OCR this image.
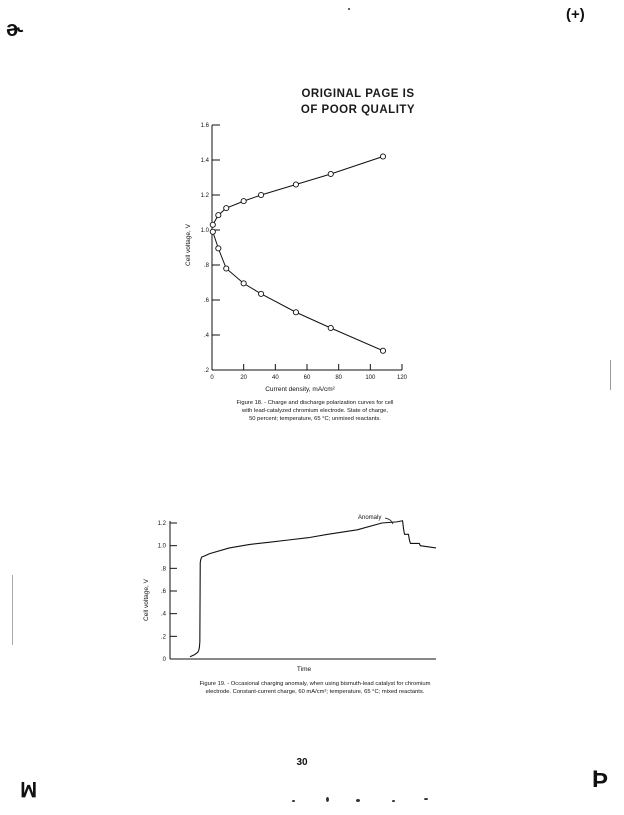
ɚ
(+)
ORIGINAL PAGE IS
OF POOR QUALITY
.2
.4
.6
.8
1.0
1.2
1.4
1.6
0	20	40	60	80	100	120
Current density, mA/cm²
Cell voltage, V
Figure 18. - Charge and discharge polarization curves for cell
with lead-catalyzed chromium electrode. State of charge,
50 percent; temperature, 65 °C; unmixed reactants.
0
.2
.4
.6
.8
1.0
1.2
Time
Cell voltage, V
Anomaly
Figure 19. - Occasional charging anomaly, when using bismuth-lead catalyst for chromium
electrode. Constant-current charge, 60 mA/cm²; temperature, 65 °C; mixed reactants.
30
ꟽ	Þ
